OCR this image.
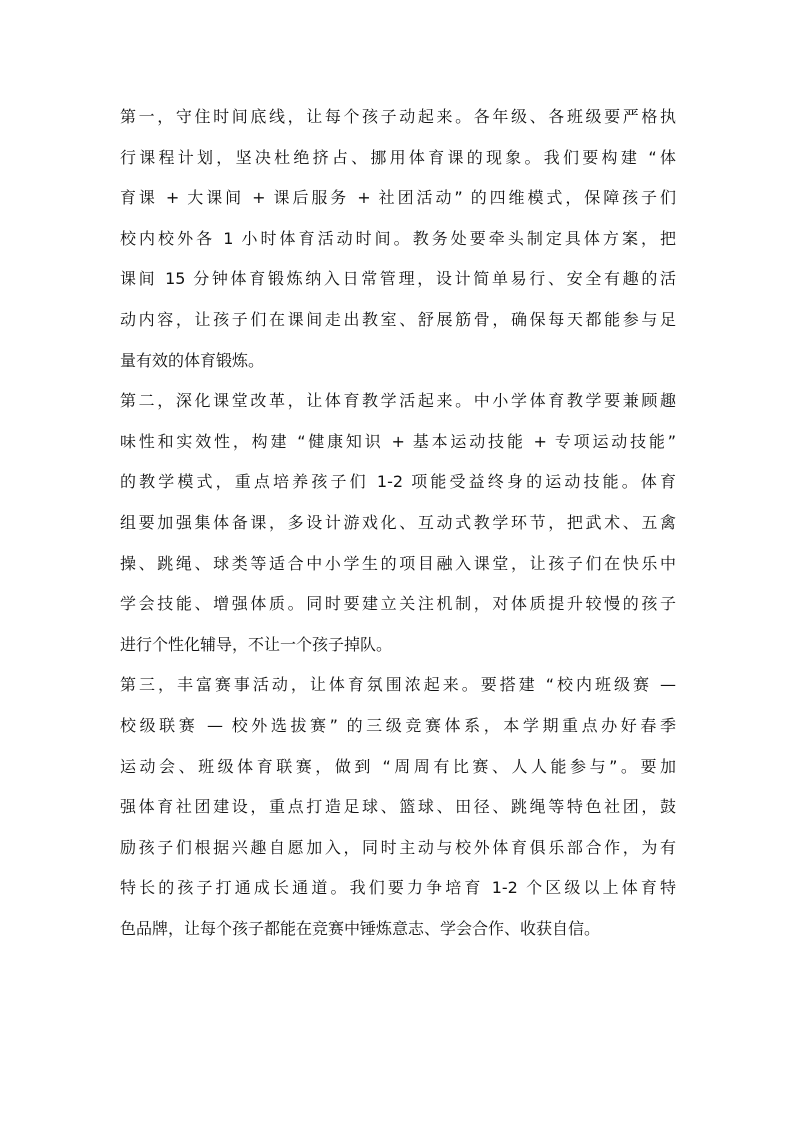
第一，守住时间底线，让每个孩子动起来。各年级、各班级要严格执
行课程计划，坚决杜绝挤占、挪用体育课的现象。我们要构建 “体
育课 + 大课间 + 课后服务 + 社团活动” 的四维模式，保障孩子们
校内校外各 1 小时体育活动时间。教务处要牵头制定具体方案，把
课间 15 分钟体育锻炼纳入日常管理，设计简单易行、安全有趣的活
动内容，让孩子们在课间走出教室、舒展筋骨，确保每天都能参与足
量有效的体育锻炼。
第二，深化课堂改革，让体育教学活起来。中小学体育教学要兼顾趣
味性和实效性，构建 “健康知识 + 基本运动技能 + 专项运动技能”
的教学模式，重点培养孩子们 1-2 项能受益终身的运动技能。体育
组要加强集体备课，多设计游戏化、互动式教学环节，把武术、五禽
操、跳绳、球类等适合中小学生的项目融入课堂，让孩子们在快乐中
学会技能、增强体质。同时要建立关注机制，对体质提升较慢的孩子
进行个性化辅导，不让一个孩子掉队。
第三，丰富赛事活动，让体育氛围浓起来。要搭建 “校内班级赛 —
校级联赛 — 校外选拔赛” 的三级竞赛体系，本学期重点办好春季
运动会、班级体育联赛，做到 “周周有比赛、人人能参与”。要加
强体育社团建设，重点打造足球、篮球、田径、跳绳等特色社团，鼓
励孩子们根据兴趣自愿加入，同时主动与校外体育俱乐部合作，为有
特长的孩子打通成长通道。我们要力争培育 1-2 个区级以上体育特
色品牌，让每个孩子都能在竞赛中锤炼意志、学会合作、收获自信。
